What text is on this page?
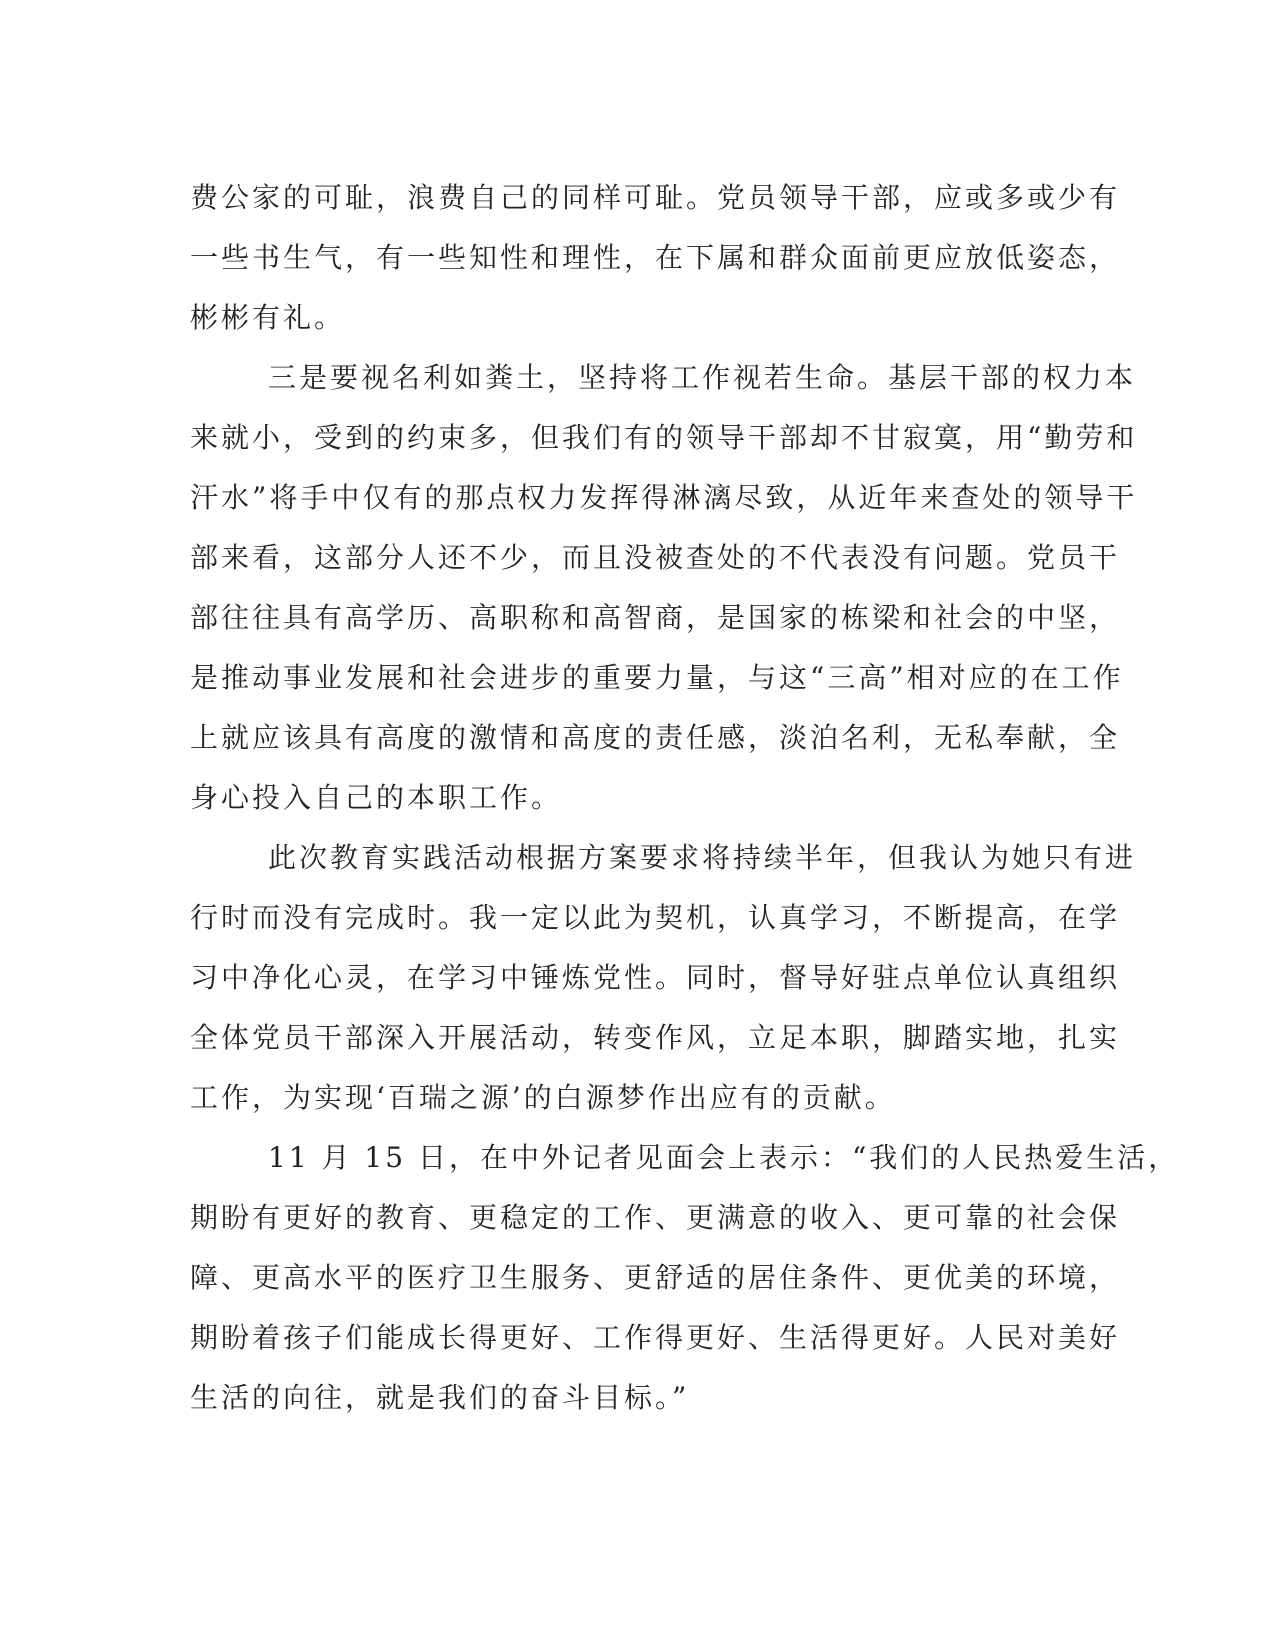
费公家的可耻，浪费自己的同样可耻。党员领导干部，应或多或少有
一些书生气，有一些知性和理性，在下属和群众面前更应放低姿态，
彬彬有礼。
三是要视名利如粪土，坚持将工作视若生命。基层干部的权力本
来就小，受到的约束多，但我们有的领导干部却不甘寂寞，用“勤劳和
汗水”将手中仅有的那点权力发挥得淋漓尽致，从近年来查处的领导干
部来看，这部分人还不少，而且没被查处的不代表没有问题。党员干
部往往具有高学历、高职称和高智商，是国家的栋梁和社会的中坚，
是推动事业发展和社会进步的重要力量，与这“三高”相对应的在工作
上就应该具有高度的激情和高度的责任感，淡泊名利，无私奉献，全
身心投入自己的本职工作。
此次教育实践活动根据方案要求将持续半年，但我认为她只有进
行时而没有完成时。我一定以此为契机，认真学习，不断提高，在学
习中净化心灵，在学习中锤炼党性。同时，督导好驻点单位认真组织
全体党员干部深入开展活动，转变作风，立足本职，脚踏实地，扎实
工作，为实现‘百瑞之源’的白源梦作出应有的贡献。
11 月 15 日，在中外记者见面会上表示：“我们的人民热爱生活，
期盼有更好的教育、更稳定的工作、更满意的收入、更可靠的社会保
障、更高水平的医疗卫生服务、更舒适的居住条件、更优美的环境，
期盼着孩子们能成长得更好、工作得更好、生活得更好。人民对美好
生活的向往，就是我们的奋斗目标。”
